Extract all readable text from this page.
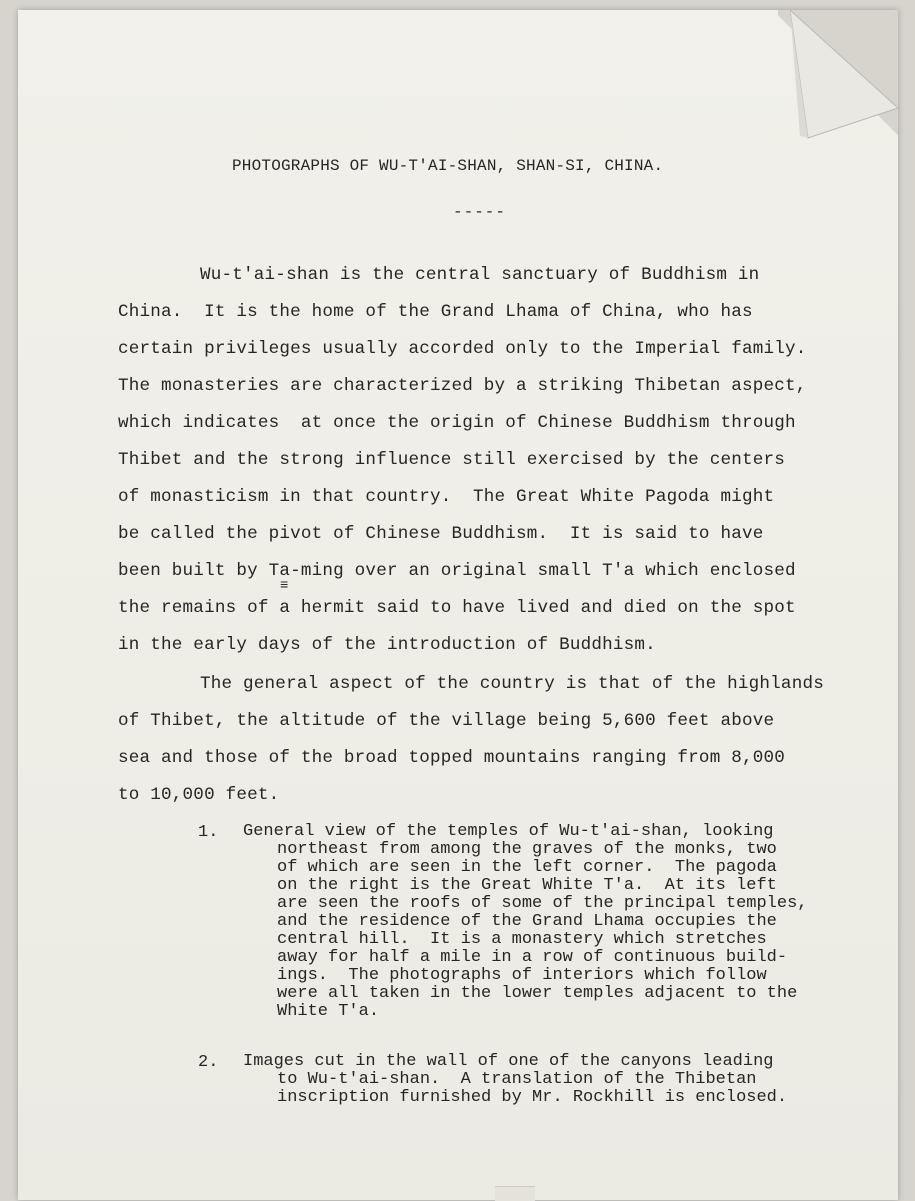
PHOTOGRAPHS OF WU-T'AI-SHAN, SHAN-SI, CHINA.
-----
Wu-t'ai-shan is the central sanctuary of Buddhism in
China.  It is the home of the Grand Lhama of China, who has
certain privileges usually accorded only to the Imperial family.
The monasteries are characterized by a striking Thibetan aspect,
which indicates  at once the origin of Chinese Buddhism through
Thibet and the strong influence still exercised by the centers
of monasticism in that country.  The Great White Pagoda might
be called the pivot of Chinese Buddhism.  It is said to have
been built by Ta-ming over an original small T'a which enclosed
≡
the remains of a hermit said to have lived and died on the spot
in the early days of the introduction of Buddhism.
The general aspect of the country is that of the highlands
of Thibet, the altitude of the village being 5,600 feet above
sea and those of the broad topped mountains ranging from 8,000
to 10,000 feet.
1. General view of the temples of Wu-t'ai-shan, looking
northeast from among the graves of the monks, two
of which are seen in the left corner.  The pagoda
on the right is the Great White T'a.  At its left
are seen the roofs of some of the principal temples,
and the residence of the Grand Lhama occupies the
central hill.  It is a monastery which stretches
away for half a mile in a row of continuous build-
ings.  The photographs of interiors which follow
were all taken in the lower temples adjacent to the
White T'a.
2. Images cut in the wall of one of the canyons leading
to Wu-t'ai-shan.  A translation of the Thibetan
inscription furnished by Mr. Rockhill is enclosed.
